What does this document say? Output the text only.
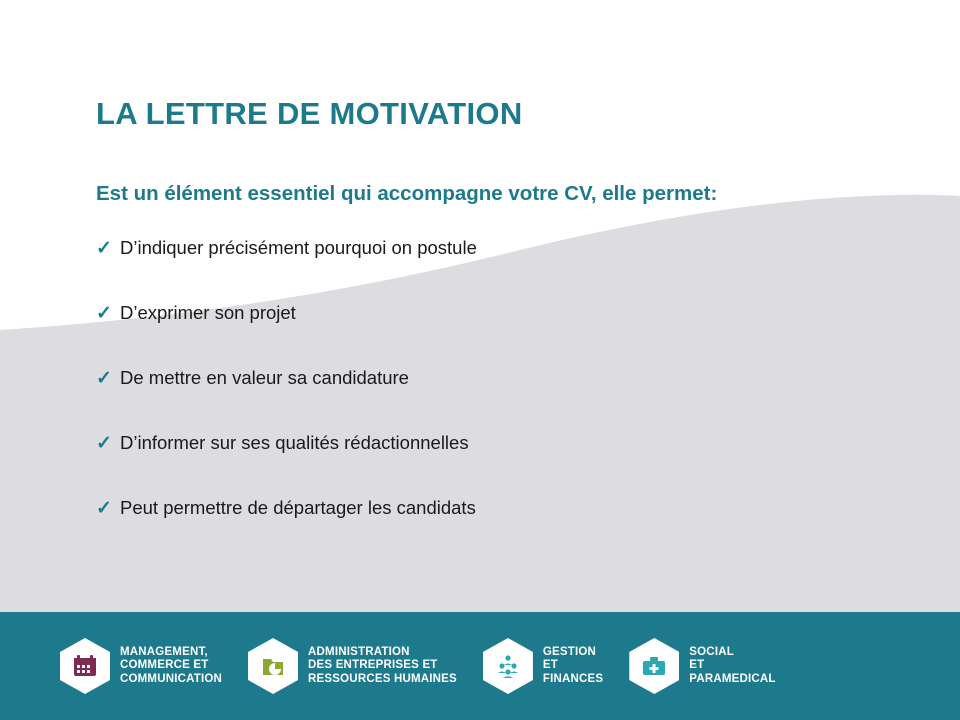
LA LETTRE DE MOTIVATION
Est un élément essentiel qui accompagne votre CV, elle permet:
✓ D’indiquer précisément pourquoi on postule
✓ D’exprimer son projet
✓ De mettre en valeur sa candidature
✓ D’informer sur ses qualités rédactionnelles
✓ Peut permettre de départager les candidats
MANAGEMENT,
COMMERCE ET
COMMUNICATION
ADMINISTRATION
DES ENTREPRISES ET
RESSOURCES HUMAINES
GESTION
ET
FINANCES
SOCIAL
ET
PARAMEDICAL
